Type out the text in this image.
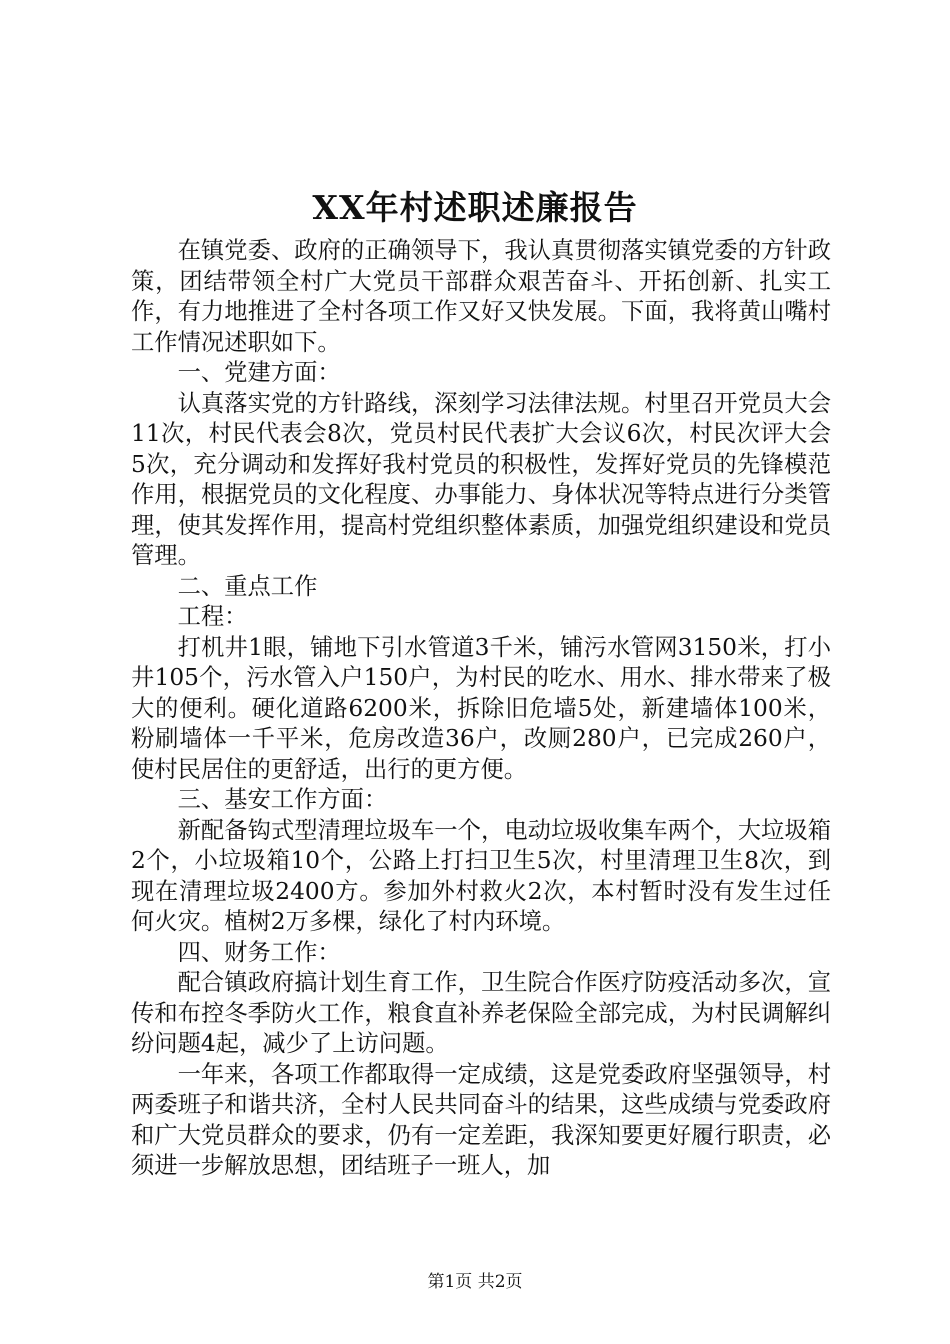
XX年村述职述廉报告

在镇党委、政府的正确领导下，我认真贯彻落实镇党委的方针政策，团结带领全村广大党员干部群众艰苦奋斗、开拓创新、扎实工作，有力地推进了全村各项工作又好又快发展。下面，我将黄山嘴村工作情况述职如下。

一、党建方面：

认真落实党的方针路线，深刻学习法律法规。村里召开党员大会11次，村民代表会8次，党员村民代表扩大会议6次，村民次评大会5次，充分调动和发挥好我村党员的积极性，发挥好党员的先锋模范作用，根据党员的文化程度、办事能力、身体状况等特点进行分类管理，使其发挥作用，提高村党组织整体素质，加强党组织建设和党员管理。

二、重点工作

工程：

打机井1眼，铺地下引水管道3千米，铺污水管网3150米，打小井105个，污水管入户150户，为村民的吃水、用水、排水带来了极大的便利。硬化道路6200米，拆除旧危墙5处，新建墙体100米，粉刷墙体一千平米，危房改造36户，改厕280户，已完成260户，使村民居住的更舒适，出行的更方便。

三、基安工作方面：

新配备钩式型清理垃圾车一个，电动垃圾收集车两个，大垃圾箱2个，小垃圾箱10个，公路上打扫卫生5次，村里清理卫生8次，到现在清理垃圾2400方。参加外村救火2次，本村暂时没有发生过任何火灾。植树2万多棵，绿化了村内环境。

四、财务工作：

配合镇政府搞计划生育工作，卫生院合作医疗防疫活动多次，宣传和布控冬季防火工作，粮食直补养老保险全部完成，为村民调解纠纷问题4起，减少了上访问题。

一年来，各项工作都取得一定成绩，这是党委政府坚强领导，村两委班子和谐共济，全村人民共同奋斗的结果，这些成绩与党委政府和广大党员群众的要求，仍有一定差距，我深知要更好履行职责，必须进一步解放思想，团结班子一班人，加

第1页 共2页
